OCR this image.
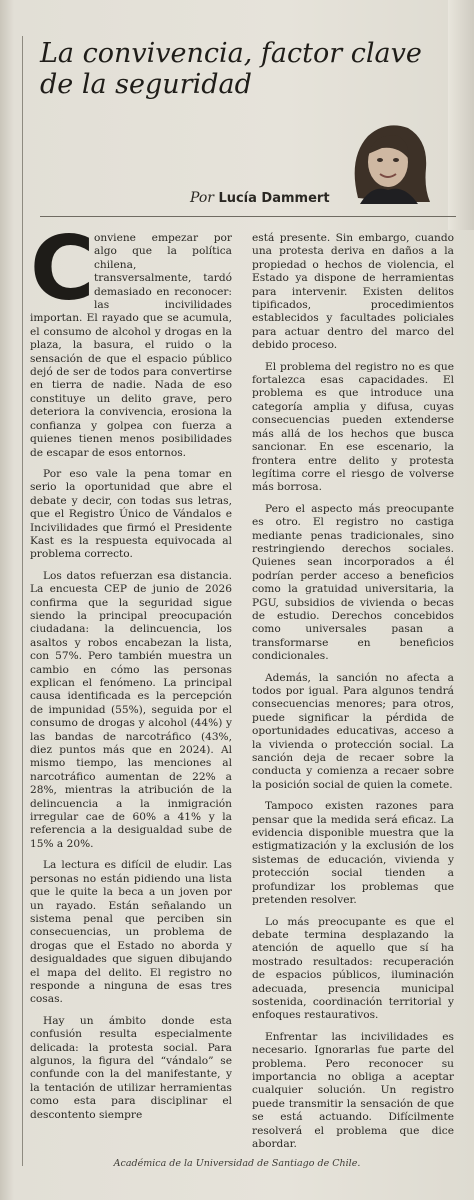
La convivencia, factor clave de la seguridad

Por Lucía Dammert

Conviene empezar por algo que la política chilena, transversalmente, tardó demasiado en reconocer: las incivilidades importan. El rayado que se acumula, el consumo de alcohol y drogas en la plaza, la basura, el ruido o la sensación de que el espacio público dejó de ser de todos para convertirse en tierra de nadie. Nada de eso constituye un delito grave, pero deteriora la convivencia, erosiona la confianza y golpea con fuerza a quienes tienen menos posibilidades de escapar de esos entornos.

Por eso vale la pena tomar en serio la oportunidad que abre el debate y decir, con todas sus letras, que el Registro Único de Vándalos e Incivilidades que firmó el Presidente Kast es la respuesta equivocada al problema correcto.

Los datos refuerzan esa distancia. La encuesta CEP de junio de 2026 confirma que la seguridad sigue siendo la principal preocupación ciudadana: la delincuencia, los asaltos y robos encabezan la lista, con 57%. Pero también muestra un cambio en cómo las personas explican el fenómeno. La principal causa identificada es la percepción de impunidad (55%), seguida por el consumo de drogas y alcohol (44%) y las bandas de narcotráfico (43%, diez puntos más que en 2024). Al mismo tiempo, las menciones al narcotráfico aumentan de 22% a 28%, mientras la atribución de la delincuencia a la inmigración irregular cae de 60% a 41% y la referencia a la desigualdad sube de 15% a 20%.

La lectura es difícil de eludir. Las personas no están pidiendo una lista que le quite la beca a un joven por un rayado. Están señalando un sistema penal que perciben sin consecuencias, un problema de drogas que el Estado no aborda y desigualdades que siguen dibujando el mapa del delito. El registro no responde a ninguna de esas tres cosas.

Hay un ámbito donde esta confusión resulta especialmente delicada: la protesta social. Para algunos, la figura del “vándalo” se confunde con la del manifestante, y la tentación de utilizar herramientas como esta para disciplinar el descontento siempre

está presente. Sin embargo, cuando una protesta deriva en daños a la propiedad o hechos de violencia, el Estado ya dispone de herramientas para intervenir. Existen delitos tipificados, procedimientos establecidos y facultades policiales para actuar dentro del marco del debido proceso.

El problema del registro no es que fortalezca esas capacidades. El problema es que introduce una categoría amplia y difusa, cuyas consecuencias pueden extenderse más allá de los hechos que busca sancionar. En ese escenario, la frontera entre delito y protesta legítima corre el riesgo de volverse más borrosa.

Pero el aspecto más preocupante es otro. El registro no castiga mediante penas tradicionales, sino restringiendo derechos sociales. Quienes sean incorporados a él podrían perder acceso a beneficios como la gratuidad universitaria, la PGU, subsidios de vivienda o becas de estudio. Derechos concebidos como universales pasan a transformarse en beneficios condicionales.

Además, la sanción no afecta a todos por igual. Para algunos tendrá consecuencias menores; para otros, puede significar la pérdida de oportunidades educativas, acceso a la vivienda o protección social. La sanción deja de recaer sobre la conducta y comienza a recaer sobre la posición social de quien la comete.

Tampoco existen razones para pensar que la medida será eficaz. La evidencia disponible muestra que la estigmatización y la exclusión de los sistemas de educación, vivienda y protección social tienden a profundizar los problemas que pretenden resolver.

Lo más preocupante es que el debate termina desplazando la atención de aquello que sí ha mostrado resultados: recuperación de espacios públicos, iluminación adecuada, presencia municipal sostenida, coordinación territorial y enfoques restaurativos.

Enfrentar las incivilidades es necesario. Ignorarlas fue parte del problema. Pero reconocer su importancia no obliga a aceptar cualquier solución. Un registro puede transmitir la sensación de que se está actuando. Difícilmente resolverá el problema que dice abordar.

Académica de la Universidad de Santiago de Chile.
